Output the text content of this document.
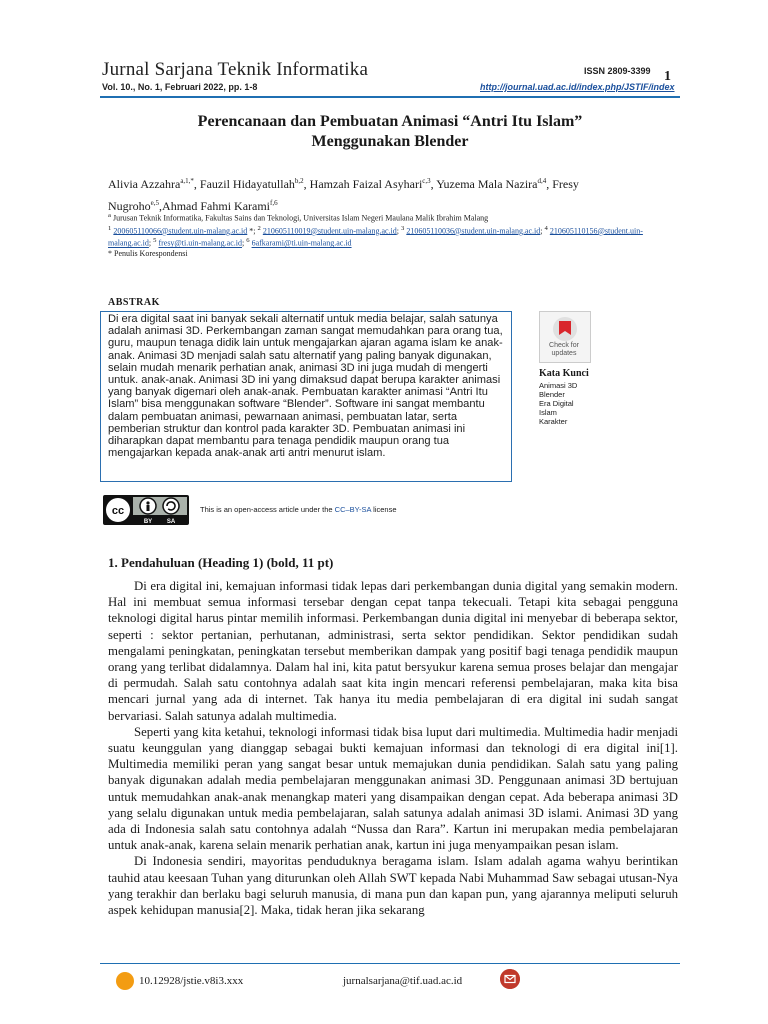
Jurnal Sarjana Teknik Informatika
Vol. 10., No. 1, Februari 2022, pp. 1-8
ISSN 2809-3399
http://journal.uad.ac.id/index.php/JSTIF/index
1
Perencanaan dan Pembuatan Animasi “Antri Itu Islam”
Menggunakan Blender
Alivia Azzahra$^{a,1,*}$, Fauzil Hidayatullah$^{b,2}$, Hamzah Faizal Asyhari$^{c,3}$, Yuzema Mala Nazira$^{d,4}$, Fresy Nugroho$^{e,5}$,Ahmad Fahmi Karami$^{f,6}$
$^a$ Jurusan Teknik Informatika, Fakultas Sains dan Teknologi, Universitas Islam Negeri Maulana Malik Ibrahim Malang
$^1$ 200605110066@student.uin-malang.ac.id *; $^2$ 210605110019@student.uin-malang.ac.id; $^3$ 210605110036@student.uin-malang.ac.id; $^4$ 210605110156@student.uin-malang.ac.id; $^5$ fresy@ti.uin-malang.ac.id; $^6$ 6afkarami@ti.uin-malang.ac.id
* Penulis Korespondensi
ABSTRAK
Di era digital saat ini banyak sekali alternatif untuk media belajar, salah satunya adalah animasi 3D. Perkembangan zaman sangat memudahkan para orang tua, guru, maupun tenaga didik lain untuk mengajarkan ajaran agama islam ke anak-anak. Animasi 3D menjadi salah satu alternatif yang paling banyak digunakan, selain mudah menarik perhatian anak, animasi 3D ini juga mudah di mengerti untuk. anak-anak. Animasi 3D ini yang dimaksud dapat berupa karakter animasi yang banyak digemari oleh anak-anak. Pembuatan karakter animasi “Antri Itu Islam” bisa menggunakan software “Blender”. Software ini sangat membantu dalam pembuatan animasi, pewarnaan animasi, pembuatan latar, serta pemberian struktur dan kontrol pada karakter 3D. Pembuatan animasi ini diharapkan dapat membantu para tenaga pendidik maupun orang tua mengajarkan kepada anak-anak arti antri menurut islam.
Check for
updates
Kata Kunci
Animasi 3D
Blender
Era Digital
Islam
Karakter
cc
BY SA
This is an open-access article under the CC–BY-SA license
1. Pendahuluan (Heading 1) (bold, 11 pt)

Di era digital ini, kemajuan informasi tidak lepas dari perkembangan dunia digital yang semakin modern. Hal ini membuat semua informasi tersebar dengan cepat tanpa tekecuali. Tetapi kita sebagai pengguna teknologi digital harus pintar memilih informasi. Perkembangan dunia digital ini menyebar di beberapa sektor, seperti : sektor pertanian, perhutanan, administrasi, serta sektor pendidikan. Sektor pendidikan sudah mengalami peningkatan, peningkatan tersebut memberikan dampak yang positif bagi tenaga pendidik maupun orang yang terlibat didalamnya. Dalam hal ini, kita patut bersyukur karena semua proses belajar dan mengajar di permudah. Salah satu contohnya adalah saat kita ingin mencari referensi pembelajaran, maka kita bisa mencari jurnal yang ada di internet. Tak hanya itu media pembelajaran di era digital ini sudah sangat bervariasi. Salah satunya adalah multimedia.

Seperti yang kita ketahui, teknologi informasi tidak bisa luput dari multimedia. Multimedia hadir menjadi suatu keunggulan yang dianggap sebagai bukti kemajuan informasi dan teknologi di era digital ini[1]. Multimedia memiliki peran yang sangat besar untuk memajukan dunia pendidikan. Salah satu yang paling banyak digunakan adalah media pembelajaran menggunakan animasi 3D. Penggunaan animasi 3D bertujuan untuk memudahkan anak-anak menangkap materi yang disampaikan dengan cepat. Ada beberapa animasi 3D yang selalu digunakan untuk media pembelajaran, salah satunya adalah animasi 3D islami. Animasi 3D yang ada di Indonesia salah satu contohnya adalah “Nussa dan Rara”. Kartun ini merupakan media pembelajaran untuk anak-anak, karena selain menarik perhatian anak, kartun ini juga menyampaikan pesan islam.

Di Indonesia sendiri, mayoritas penduduknya beragama islam. Islam adalah agama wahyu berintikan tauhid atau keesaan Tuhan yang diturunkan oleh Allah SWT kepada Nabi Muhammad Saw sebagai utusan-Nya yang terakhir dan berlaku bagi seluruh manusia, di mana pun dan kapan pun, yang ajarannya meliputi seluruh aspek kehidupan manusia[2]. Maka, tidak heran jika sekarang

10.12928/jstie.v8i3.xxx	jurnalsarjana@tif.uad.ac.id
